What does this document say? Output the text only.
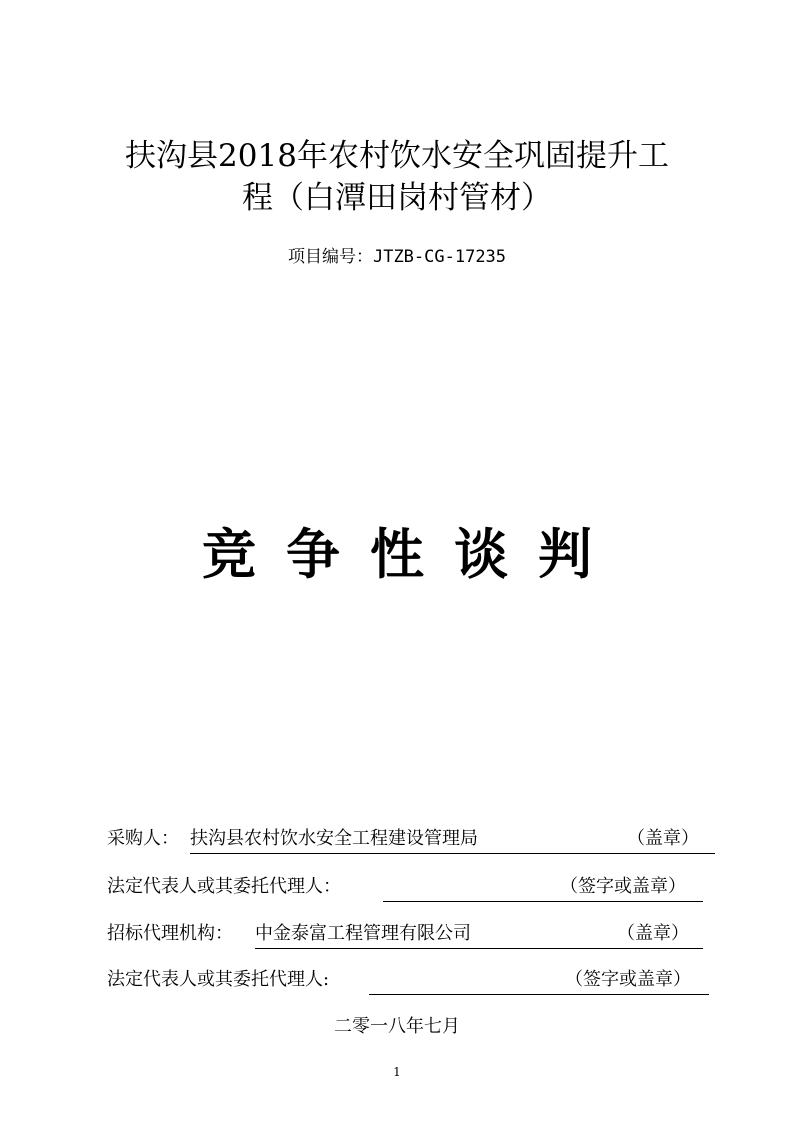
扶沟县2018年农村饮水安全巩固提升工
程（白潭田岗村管材）
项目编号：JTZB-CG-17235
竞争性谈判
采购人： 扶沟县农村饮水安全工程建设管理局	（盖章）
法定代表人或其委托代理人：	（签字或盖章）
招标代理机构： 中金泰富工程管理有限公司	（盖章）
法定代表人或其委托代理人:	（签字或盖章）
二零一八年七月
1
